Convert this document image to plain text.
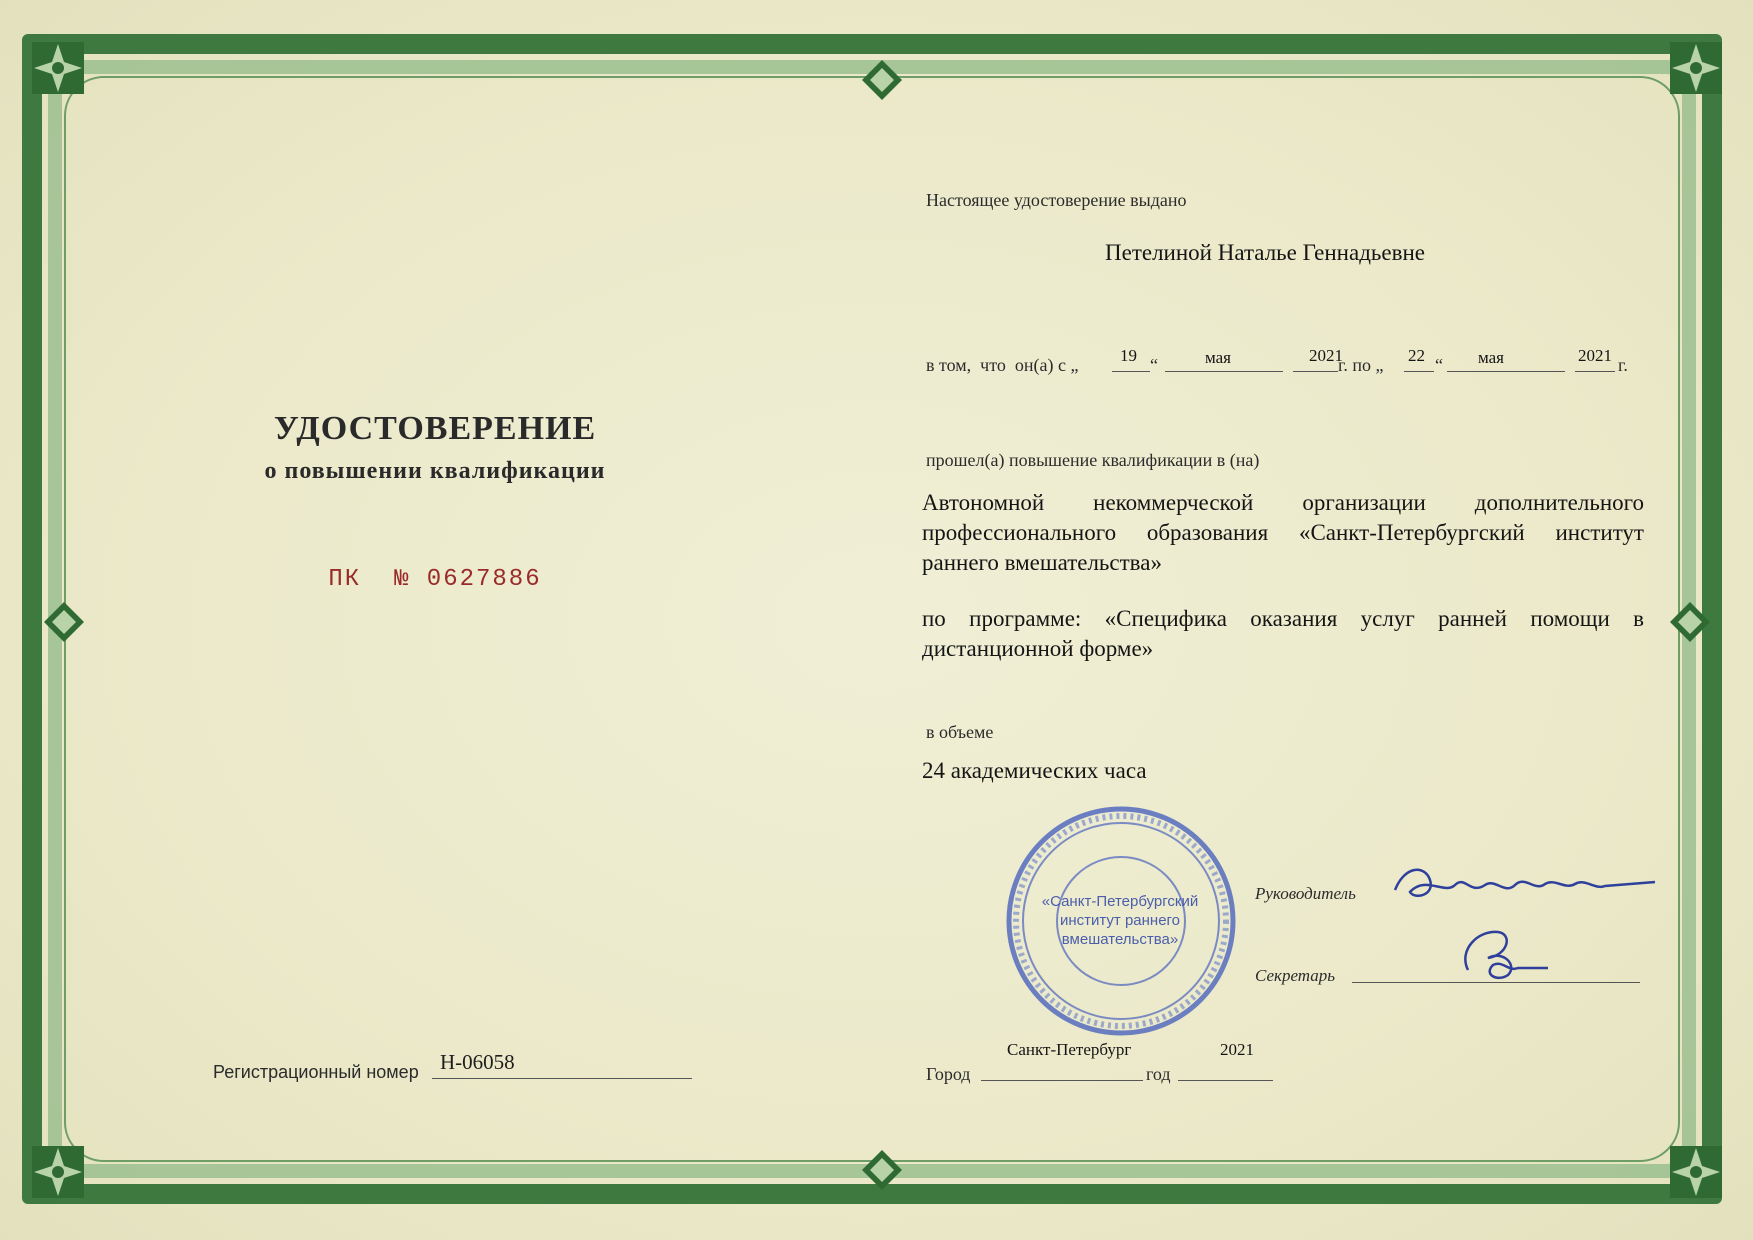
УДОСТОВЕРЕНИЕ
о повышении квалификации
ПК  № 0627886
Регистрационный номер Н-06058
Настоящее удостоверение выдано
Петелиной Наталье Геннадьевне
в том,  что  он(а) с „ 19 “	мая	2021
г. по „ 22 “ мая	2021 г.
прошел(а) повышение квалификации в (на)
Автономной некоммерческой организации дополнительного профессионального образования «Санкт-Петербургский институт раннего вмешательства»
по программе: «Специфика оказания услуг ранней помощи в дистанционной форме»
в объеме
24 академических часа
«Санкт-Петербургский институт раннего вмешательства»
Руководитель
Секретарь
Санкт-Петербург
Город
2021
год
